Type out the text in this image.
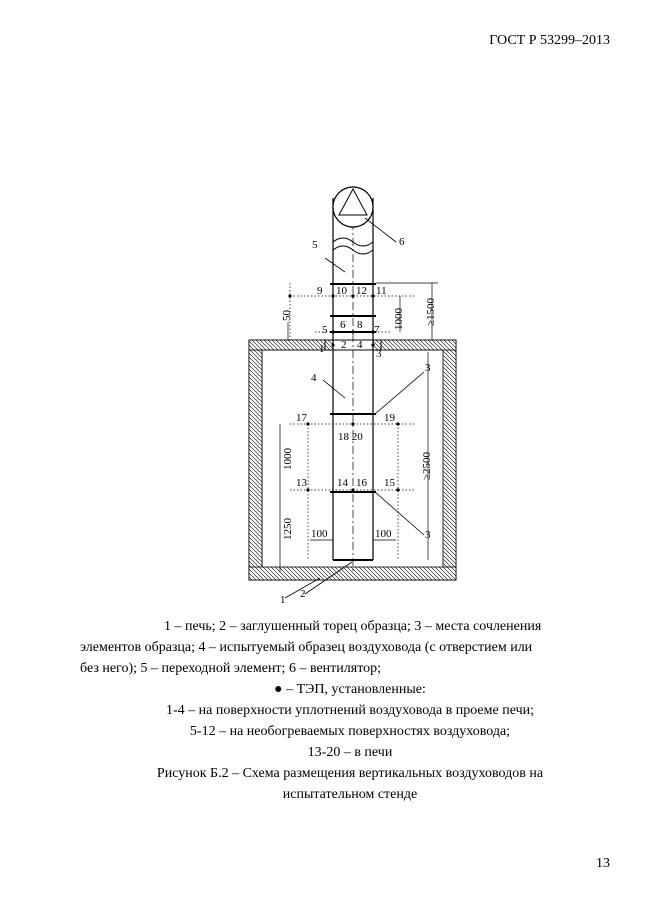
ГОСТ Р 53299–2013
1 2
3
3
4
5	6
1 2
3
4
5 6	7
8
9 10	11
12
13	14	15
16
17
18 20
19
50	1000 ≥1500
≥2500
1000
1250 100	100
1 – печь; 2 – заглушенный торец образца; 3 – места сочленения
элементов образца; 4 – испытуемый образец воздуховода (с отверстием или
без него); 5 – переходной элемент; 6 – вентилятор;
● – ТЭП, установленные:
1-4 – на поверхности уплотнений воздуховода в проеме печи;
5-12 – на необогреваемых поверхностях воздуховода;
13-20 – в печи
Рисунок Б.2 – Схема размещения вертикальных воздуховодов на
испытательном стенде
13
